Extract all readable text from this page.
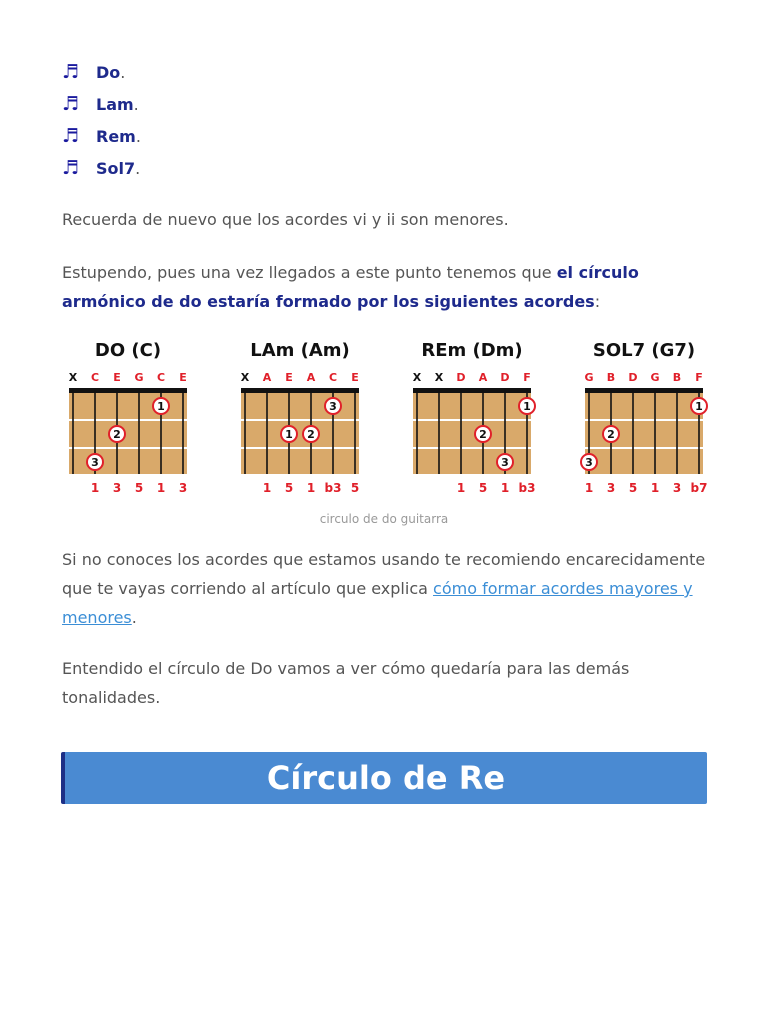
♬	Do .
♬	Lam .
♬	Rem .
♬	Sol7 .

Recuerda de nuevo que los acordes vi y ii son menores.

Estupendo, pues una vez llegados a este punto tenemos que el círculo armónico de do estaría formado por los siguientes acordes:

DO (C)
X C E G C E
1
2
3
1 3 5 1 3
LAm (Am)
X A E A C E
3
1 2
1 5 1 b3 5
REm (Dm)
X X D A D F
1
2
3
1 5 1 b3
SOL7 (G7)
G B D G B F
1
2
3
1 3 5 1 3 b7
circulo de do guitarra

Si no conoces los acordes que estamos usando te recomiendo encarecidamente que te vayas corriendo al artículo que explica cómo formar acordes mayores y menores.

Entendido el círculo de Do vamos a ver cómo quedaría para las demás tonalidades.

Círculo de Re
